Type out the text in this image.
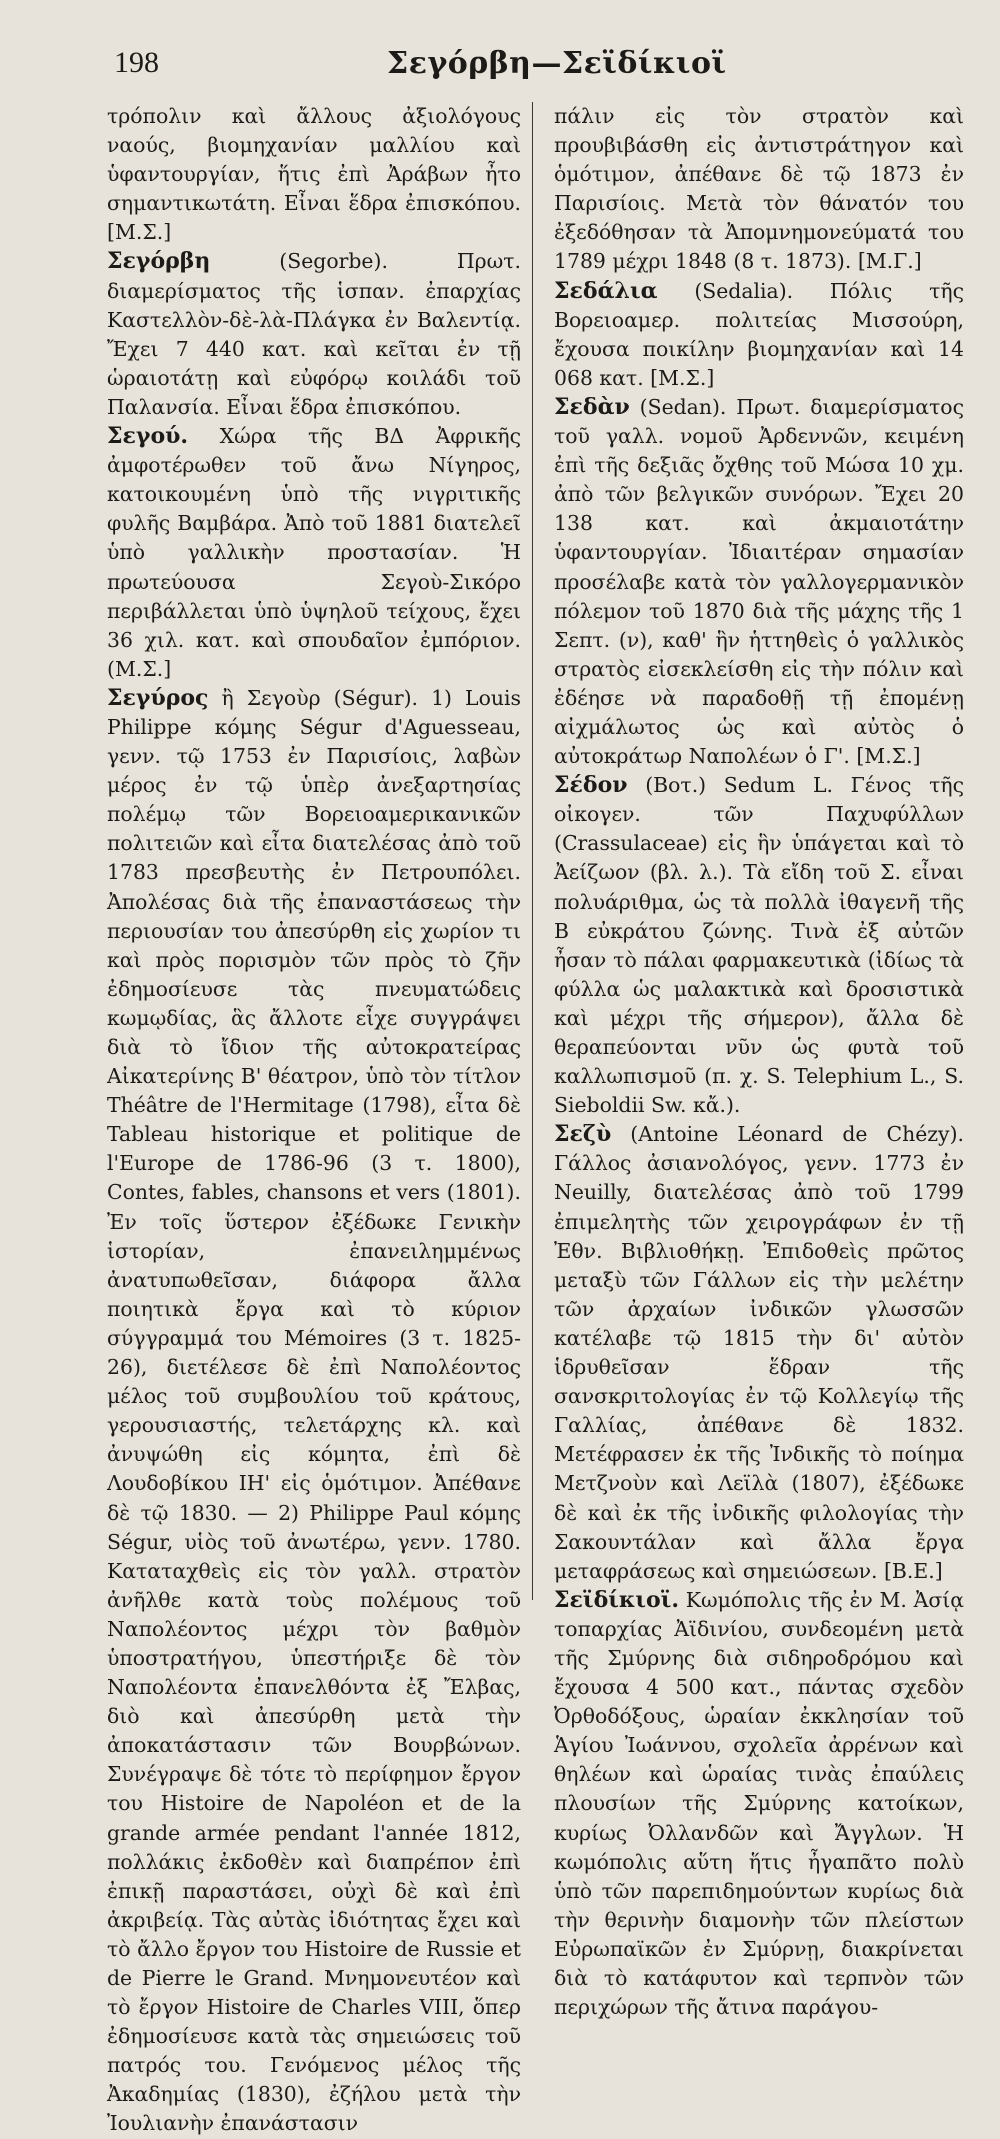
198	Σεγόρβη—Σεϊδίκιοϊ

τρόπολιν καὶ ἄλλους ἀξιολόγους ναούς, βιομηχανίαν μαλλίου καὶ ὑφαντουργίαν, ἥτις ἐπὶ Ἀράβων ἦτο σημαντικωτάτη. Εἶναι ἕδρα ἐπισκόπου. [Μ.Σ.]

Σεγόρβη	(Segorbe). Πρωτ. διαμερίσματος τῆς ἱσπαν. ἐπαρχίας Καστελλὸν-δὲ-λὰ-Πλάγκα ἐν Βαλεντίᾳ. Ἔχει 7 440 κατ. καὶ κεῖται ἐν τῇ ὡραιοτάτῃ καὶ εὐφόρῳ κοιλάδι τοῦ Παλανσία. Εἶναι ἕδρα ἐπισκόπου.

Σεγού. Χώρα τῆς ΒΔ Ἀφρικῆς ἀμφοτέρωθεν τοῦ ἄνω Νίγηρος, κατοικουμένη ὑπὸ τῆς νιγριτικῆς φυλῆς Βαμβάρα. Ἀπὸ τοῦ 1881 διατελεῖ ὑπὸ γαλλικὴν προστασίαν. Ἡ πρωτεύουσα Σεγοὺ-Σικόρο περιβάλλεται ὑπὸ ὑψηλοῦ τείχους, ἔχει 36 χιλ. κατ. καὶ σπουδαῖον ἐμπόριον. (Μ.Σ.]

Σεγύρος ἢ Σεγοὺρ (Ségur). 1) Louis Philippe κόμης Ségur d'Aguesseau, γενν. τῷ 1753 ἐν Παρισίοις, λαβὼν μέρος ἐν τῷ ὑπὲρ ἀνεξαρτησίας πολέμῳ τῶν Βορειοαμερικανικῶν πολιτειῶν καὶ εἶτα διατελέσας ἀπὸ τοῦ 1783 πρεσβευτὴς ἐν Πετρουπόλει. Ἀπολέσας διὰ τῆς ἐπαναστάσεως τὴν περιουσίαν του ἀπεσύρθη εἰς χωρίον τι καὶ πρὸς πορισμὸν τῶν πρὸς τὸ ζῆν ἐδημοσίευσε τὰς πνευματώδεις κωμῳδίας, ἃς ἄλλοτε εἶχε συγγράψει διὰ τὸ ἴδιον τῆς αὐτοκρατείρας Αἰκατερίνης Β' θέατρον, ὑπὸ τὸν τίτλον Théâtre de l'Hermitage (1798), εἶτα δὲ Tableau historique et politique de l'Europe de 1786-96 (3 τ. 1800), Contes, fables, chansons et vers (1801). Ἐν τοῖς ὕστερον ἐξέδωκε Γενικὴν ἱστορίαν, ἐπανειλημμένως ἀνατυπωθεῖσαν, διάφορα ἄλλα ποιητικὰ ἔργα καὶ τὸ κύριον σύγγραμμά του Mémoires (3 τ. 1825-26), διετέλεσε δὲ ἐπὶ Ναπολέοντος μέλος τοῦ συμβουλίου τοῦ κράτους, γερουσιαστής, τελετάρχης κλ. καὶ ἀνυψώθη εἰς κόμητα, ἐπὶ δὲ Λουδοβίκου ΙΗ' εἰς ὁμότιμον. Ἀπέθανε δὲ τῷ 1830. — 2) Philippe Paul κόμης Ségur, υἱὸς τοῦ ἀνωτέρω, γενν. 1780. Καταταχθεὶς εἰς τὸν γαλλ. στρατὸν ἀνῆλθε κατὰ τοὺς πολέμους τοῦ Ναπολέοντος μέχρι τὸν βαθμὸν ὑποστρατήγου, ὑπεστήριξε δὲ τὸν Ναπολέοντα ἐπανελθόντα ἐξ Ἔλβας, διὸ καὶ ἀπεσύρθη μετὰ τὴν ἀποκατάστασιν τῶν Βουρβώνων. Συνέγραψε δὲ τότε τὸ περίφημον ἔργον του Histoire de Napoléon et de la grande armée pendant l'année 1812, πολλάκις ἐκδοθὲν καὶ διαπρέπον ἐπὶ ἐπικῇ παραστάσει, οὐχὶ δὲ καὶ ἐπὶ ἀκριβείᾳ. Τὰς αὐτὰς ἰδιότητας ἔχει καὶ τὸ ἄλλο ἔργον του Histoire de Russie et de Pierre le Grand. Μνημονευτέον καὶ τὸ ἔργον Histoire de Charles VIII, ὅπερ ἐδημοσίευσε κατὰ τὰς σημειώσεις τοῦ πατρός του. Γενόμενος μέλος τῆς Ἀκαδημίας (1830), ἐζήλου μετὰ τὴν Ἰουλιανὴν ἐπανάστασιν

πάλιν εἰς τὸν στρατὸν καὶ προυβιβάσθη εἰς ἀντιστράτηγον καὶ ὁμότιμον, ἀπέθανε δὲ τῷ 1873 ἐν Παρισίοις. Μετὰ τὸν θάνατόν του ἐξεδόθησαν τὰ Ἀπομνημονεύματά του 1789 μέχρι 1848 (8 τ. 1873). [Μ.Γ.]

Σεδάλια (Sedalia). Πόλις τῆς Βορειοαμερ. πολιτείας Μισσούρη, ἔχουσα ποικίλην βιομηχανίαν καὶ 14 068 κατ. [Μ.Σ.]

Σεδὰν (Sedan). Πρωτ. διαμερίσματος τοῦ γαλλ. νομοῦ Ἀρδεννῶν, κειμένη ἐπὶ τῆς δεξιᾶς ὄχθης τοῦ Μώσα 10 χμ. ἀπὸ τῶν βελγικῶν συνόρων. Ἔχει 20 138 κατ. καὶ ἀκμαιοτάτην ὑφαντουργίαν. Ἰδιαιτέραν σημασίαν προσέλαβε κατὰ τὸν γαλλογερμανικὸν πόλεμον τοῦ 1870 διὰ τῆς μάχης τῆς 1 Σεπτ. (ν), καθ' ἣν ἡττηθεὶς ὁ γαλλικὸς στρατὸς εἰσεκλείσθη εἰς τὴν πόλιν καὶ ἐδέησε νὰ παραδοθῇ τῇ ἐπομένῃ αἰχμάλωτος ὡς καὶ αὐτὸς ὁ αὐτοκράτωρ Ναπολέων ὁ Γ'. [Μ.Σ.]

Σέδον (Βοτ.) Sedum L. Γένος τῆς οἰκογεν. τῶν Παχυφύλλων (Crassulaceae) εἰς ἣν ὑπάγεται καὶ τὸ Ἀείζωον (βλ. λ.). Τὰ εἴδη τοῦ Σ. εἶναι πολυάριθμα, ὡς τὰ πολλὰ ἰθαγενῆ τῆς Β εὐκράτου ζώνης. Τινὰ ἐξ αὐτῶν ἦσαν τὸ πάλαι φαρμακευτικὰ (ἰδίως τὰ φύλλα ὡς μαλακτικὰ καὶ δροσιστικὰ καὶ μέχρι τῆς σήμερον), ἄλλα δὲ θεραπεύονται νῦν ὡς φυτὰ τοῦ καλλωπισμοῦ (π. χ. S. Telephium L., S. Sieboldii Sw. κἄ.).

Σεζὺ (Antoine Léonard de Chézy). Γάλλος ἀσιανολόγος, γενν. 1773 ἐν Neuilly, διατελέσας ἀπὸ τοῦ 1799 ἐπιμελητὴς τῶν χειρογράφων ἐν τῇ Ἐθν. Βιβλιοθήκῃ. Ἐπιδοθεὶς πρῶτος μεταξὺ τῶν Γάλλων εἰς τὴν μελέτην τῶν ἀρχαίων ἰνδικῶν γλωσσῶν κατέλαβε τῷ 1815 τὴν δι' αὐτὸν ἱδρυθεῖσαν ἕδραν τῆς σανσκριτολογίας ἐν τῷ Κολλεγίῳ τῆς Γαλλίας, ἀπέθανε δὲ 1832. Μετέφρασεν ἐκ τῆς Ἰνδικῆς τὸ ποίημα Μετζνοὺν καὶ Λεϊλὰ (1807), ἐξέδωκε δὲ καὶ ἐκ τῆς ἰνδικῆς φιλολογίας τὴν Σακουντάλαν καὶ ἄλλα ἔργα μεταφράσεως καὶ σημειώσεων. [Β.Ε.]

Σεϊδίκιοϊ. Κωμόπολις τῆς ἐν Μ. Ἀσίᾳ τοπαρχίας Ἀϊδινίου, συνδεομένη μετὰ τῆς Σμύρνης διὰ σιδηροδρόμου καὶ ἔχουσα 4 500 κατ., πάντας σχεδὸν Ὀρθοδόξους, ὡραίαν ἐκκλησίαν τοῦ Ἁγίου Ἰωάννου, σχολεῖα ἀρρένων καὶ θηλέων καὶ ὡραίας τινὰς ἐπαύλεις πλουσίων τῆς Σμύρνης κατοίκων, κυρίως Ὀλλανδῶν καὶ Ἄγγλων. Ἡ κωμόπολις αὕτη ἥτις ἦγαπᾶτο πολὺ ὑπὸ τῶν παρεπιδημούντων κυρίως διὰ τὴν θερινὴν διαμονὴν τῶν πλείστων Εὐρωπαϊκῶν ἐν Σμύρνῃ, διακρίνεται διὰ τὸ κατάφυτον καὶ τερπνὸν τῶν περιχώρων τῆς ἄτινα παράγου-
